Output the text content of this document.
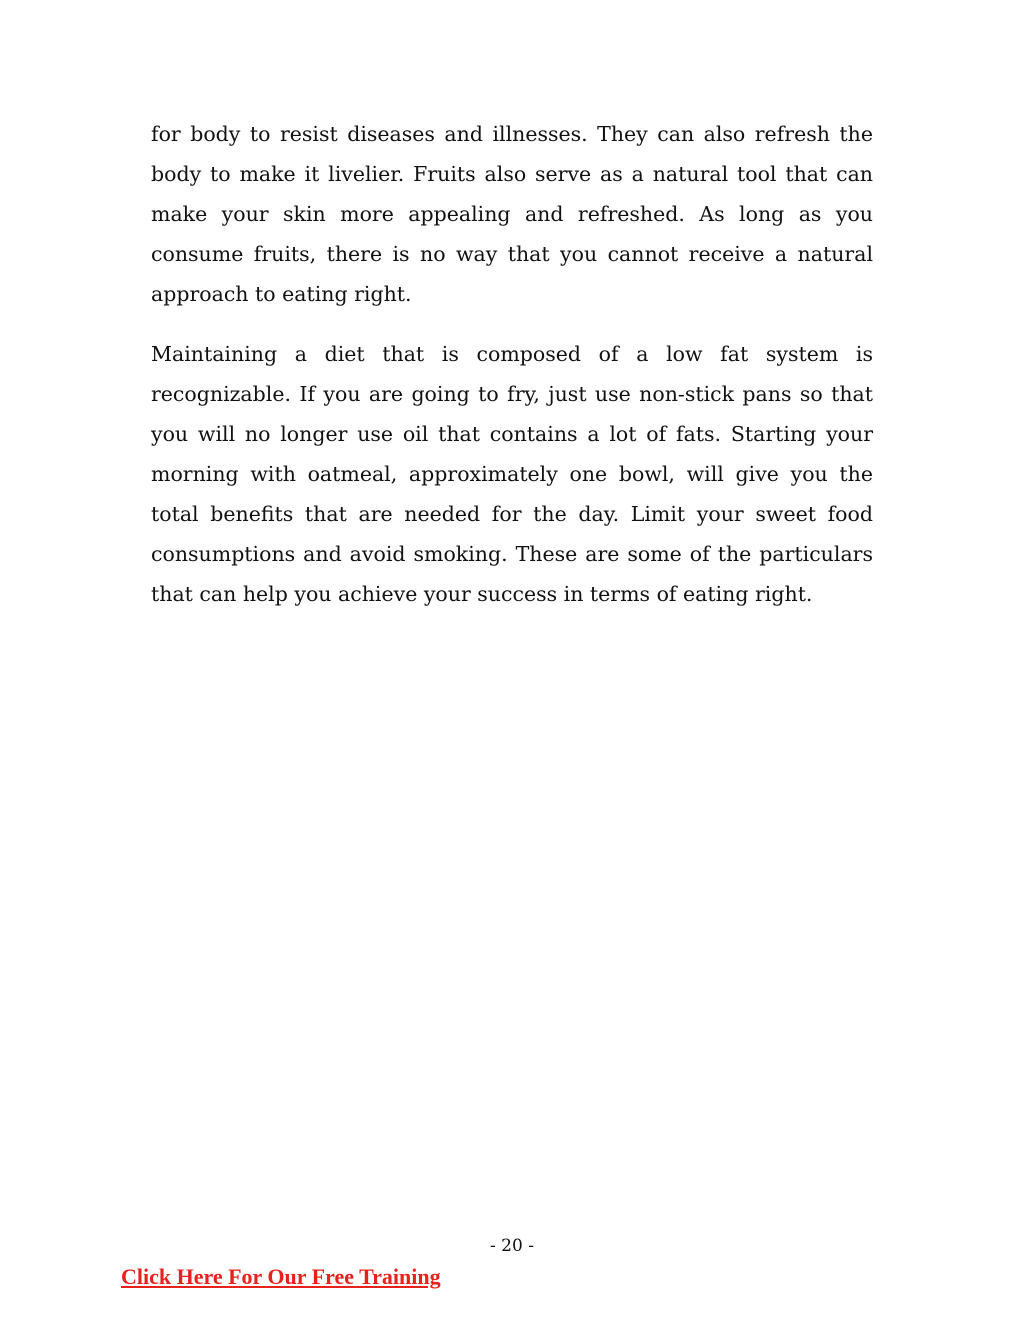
for body to resist diseases and illnesses. They can also refresh the body to make it livelier. Fruits also serve as a natural tool that can make your skin more appealing and refreshed. As long as you consume fruits, there is no way that you cannot receive a natural approach to eating right.

Maintaining a diet that is composed of a low fat system is recognizable. If you are going to fry, just use non-stick pans so that you will no longer use oil that contains a lot of fats. Starting your morning with oatmeal, approximately one bowl, will give you the total benefits that are needed for the day. Limit your sweet food consumptions and avoid smoking. These are some of the particulars that can help you achieve your success in terms of eating right.

- 20 -
Click Here For Our Free Training
